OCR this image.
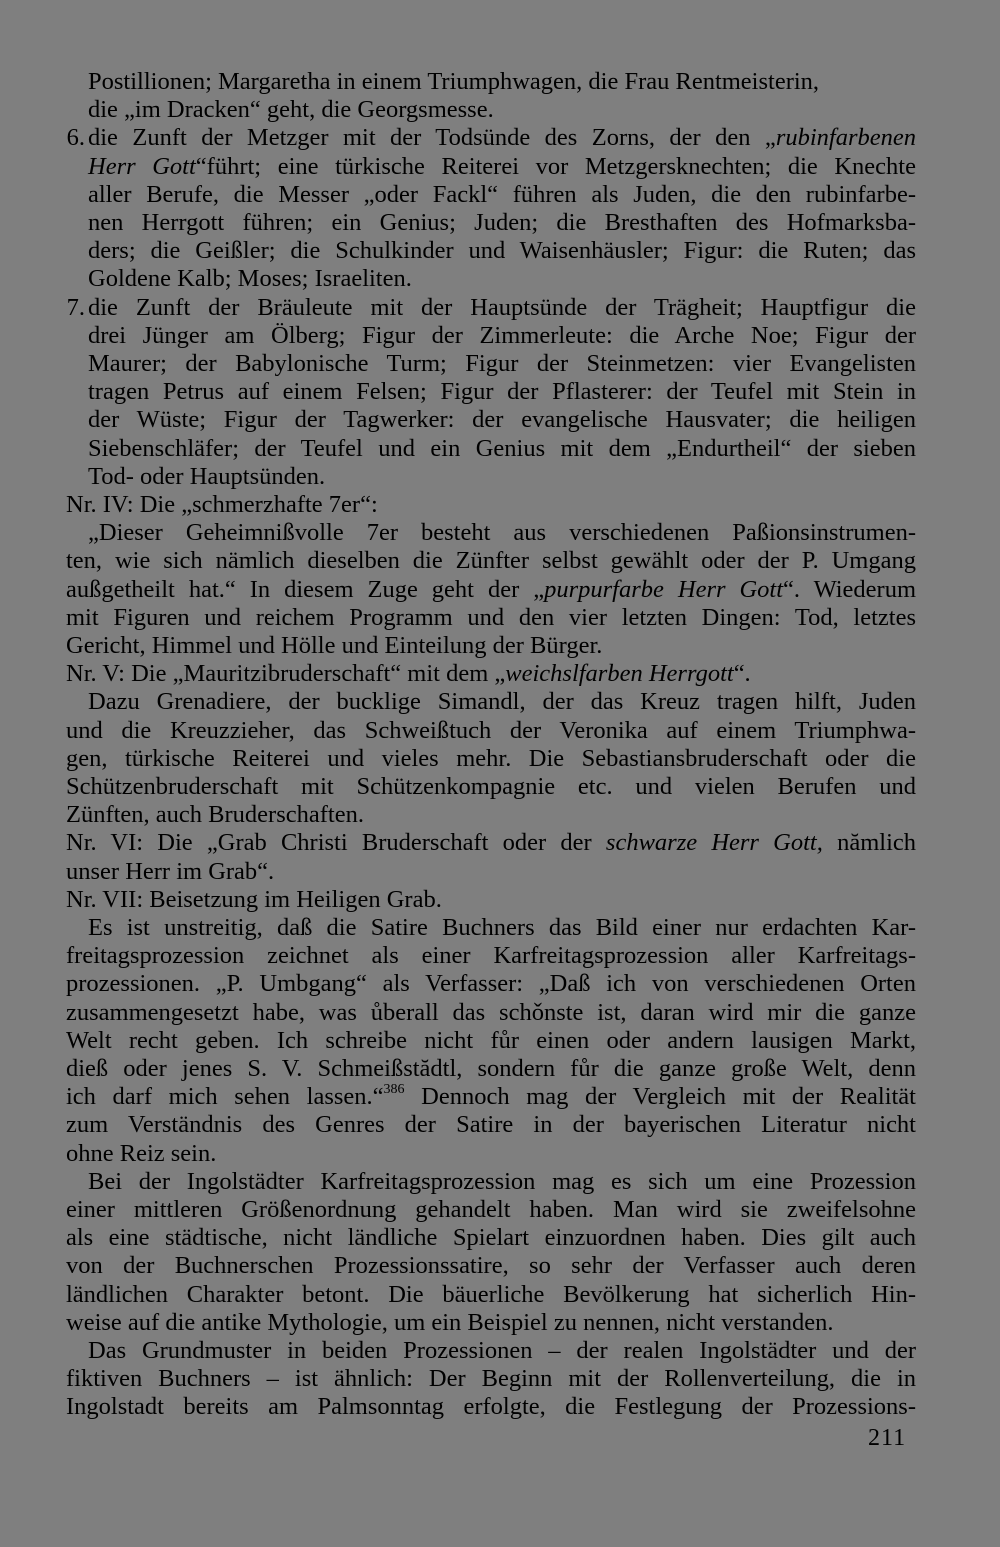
Postillionen; Margaretha in einem Triumphwagen, die Frau Rentmeisterin,
die „im Dracken“ geht, die Georgsmesse.
6. die Zunft der Metzger mit der Todsünde des Zorns, der den „rubinfarbenen
Herr Gott“führt; eine türkische Reiterei vor Metzgersknechten; die Knechte
aller Berufe, die Messer „oder Fackl“ führen als Juden, die den rubinfarbe-
nen Herrgott führen; ein Genius; Juden; die Bresthaften des Hofmarksba-
ders; die Geißler; die Schulkinder und Waisenhäusler; Figur: die Ruten; das
Goldene Kalb; Moses; Israeliten.
7. die Zunft der Bräuleute mit der Hauptsünde der Trägheit; Hauptfigur die
drei Jünger am Ölberg; Figur der Zimmerleute: die Arche Noe; Figur der
Maurer; der Babylonische Turm; Figur der Steinmetzen: vier Evangelisten
tragen Petrus auf einem Felsen; Figur der Pflasterer: der Teufel mit Stein in
der Wüste; Figur der Tagwerker: der evangelische Hausvater; die heiligen
Siebenschläfer; der Teufel und ein Genius mit dem „Endurtheil“ der sieben
Tod- oder Hauptsünden.
Nr. IV: Die „schmerzhafte 7er“:
„Dieser Geheimnißvolle 7er besteht aus verschiedenen Paßionsinstrumen-
ten, wie sich nämlich dieselben die Zünfter selbst gewählt oder der P. Umgang
außgetheilt hat.“ In diesem Zuge geht der „purpurfarbe Herr Gott“. Wiederum
mit Figuren und reichem Programm und den vier letzten Dingen: Tod, letztes
Gericht, Himmel und Hölle und Einteilung der Bürger.
Nr. V: Die „Mauritzibruderschaft“ mit dem „weichslfarben Herrgott“.
Dazu Grenadiere, der bucklige Simandl, der das Kreuz tragen hilft, Juden
und die Kreuzzieher, das Schweißtuch der Veronika auf einem Triumphwa-
gen, türkische Reiterei und vieles mehr. Die Sebastiansbruderschaft oder die
Schützenbruderschaft mit Schützenkompagnie etc. und vielen Berufen und
Zünften, auch Bruderschaften.
Nr. VI: Die „Grab Christi Bruderschaft oder der schwarze Herr Gott, nămlich
unser Herr im Grab“.
Nr. VII: Beisetzung im Heiligen Grab.
Es ist unstreitig, daß die Satire Buchners das Bild einer nur erdachten Kar-
freitagsprozession zeichnet als einer Karfreitagsprozession aller Karfreitags-
prozessionen. „P. Umbgang“ als Verfasser: „Daß ich von verschiedenen Orten
zusammengesetzt habe, was ůberall das schǒnste ist, daran wird mir die ganze
Welt recht geben. Ich schreibe nicht fůr einen oder andern lausigen Markt,
dieß oder jenes S. V. Schmeißstădtl, sondern fůr die ganze große Welt, denn
ich darf mich sehen lassen.“$^{386}$ Dennoch mag der Vergleich mit der Realität
zum Verständnis des Genres der Satire in der bayerischen Literatur nicht
ohne Reiz sein.
Bei der Ingolstädter Karfreitagsprozession mag es sich um eine Prozession
einer mittleren Größenordnung gehandelt haben. Man wird sie zweifelsohne
als eine städtische, nicht ländliche Spielart einzuordnen haben. Dies gilt auch
von der Buchnerschen Prozessionssatire, so sehr der Verfasser auch deren
ländlichen Charakter betont. Die bäuerliche Bevölkerung hat sicherlich Hin-
weise auf die antike Mythologie, um ein Beispiel zu nennen, nicht verstanden.
Das Grundmuster in beiden Prozessionen – der realen Ingolstädter und der
fiktiven Buchners – ist ähnlich: Der Beginn mit der Rollenverteilung, die in
Ingolstadt bereits am Palmsonntag erfolgte, die Festlegung der Prozessions-
211
